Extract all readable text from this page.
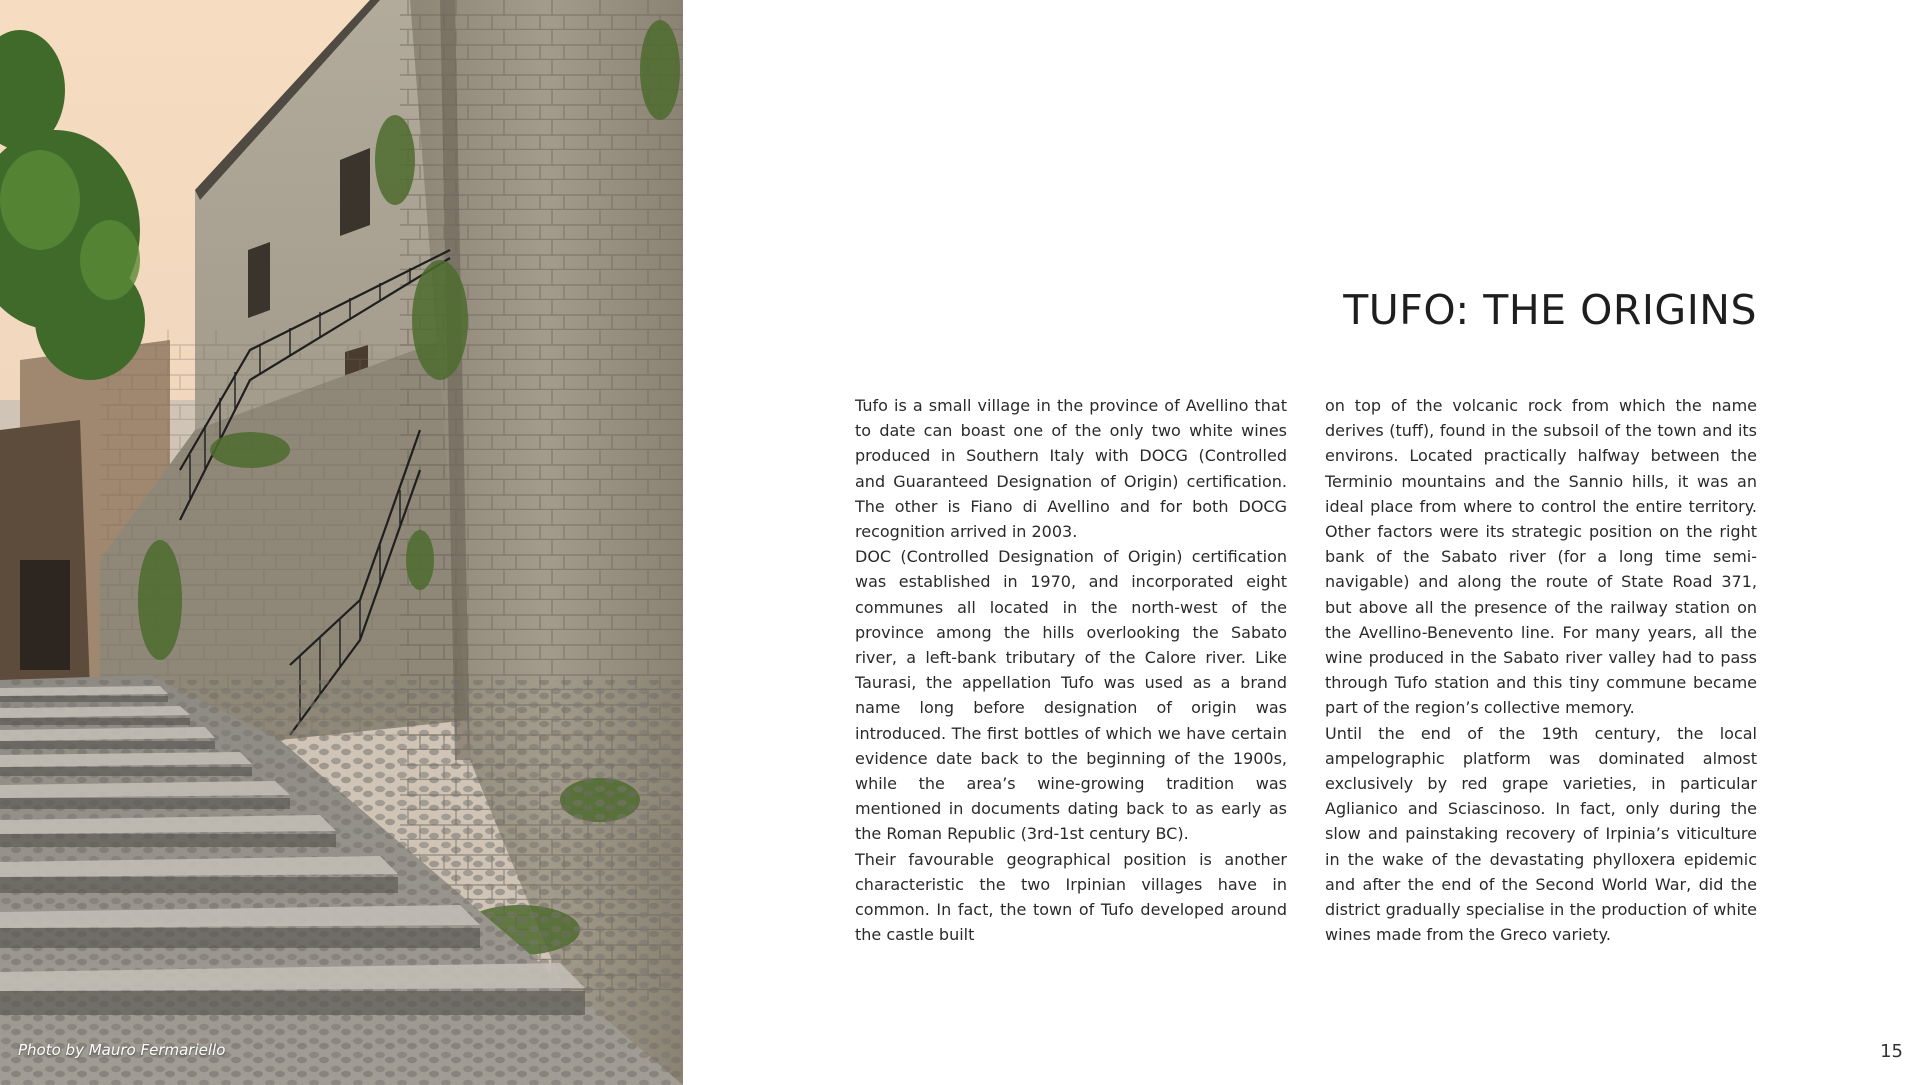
Photo by Mauro Fermariello
TUFO: THE ORIGINS

Tufo is a small village in the province of Avellino that to date can boast one of the only two white wines produced in Southern Italy with DOCG (Controlled and Guaranteed Designation of Origin) certification. The other is Fiano di Avellino and for both DOCG recognition arrived in 2003.

DOC (Controlled Designation of Origin) certification was established in 1970, and incorporated eight communes all located in the north-west of the province among the hills overlooking the Sabato river, a left-bank tributary of the Calore river. Like Taurasi, the appellation Tufo was used as a brand name long before designation of origin was introduced. The first bottles of which we have certain evidence date back to the beginning of the 1900s, while the area’s wine-growing tradition was mentioned in documents dating back to as early as the Roman Republic (3rd-1st century BC).

Their favourable geographical position is another characteristic the two Irpinian villages have in common. In fact, the town of Tufo developed around the castle built

on top of the volcanic rock from which the name derives (tuff), found in the subsoil of the town and its environs. Located practically halfway between the Terminio mountains and the Sannio hills, it was an ideal place from where to control the entire territory. Other factors were its strategic position on the right bank of the Sabato river (for a long time semi-navigable) and along the route of State Road 371, but above all the presence of the railway station on the Avellino-Benevento line. For many years, all the wine produced in the Sabato river valley had to pass through Tufo station and this tiny commune became part of the region’s collective memory.

Until the end of the 19th century, the local ampelographic platform was dominated almost exclusively by red grape varieties, in particular Aglianico and Sciascinoso. In fact, only during the slow and painstaking recovery of Irpinia’s viticulture in the wake of the devastating phylloxera epidemic and after the end of the Second World War, did the district gradually specialise in the production of white wines made from the Greco variety.

15
